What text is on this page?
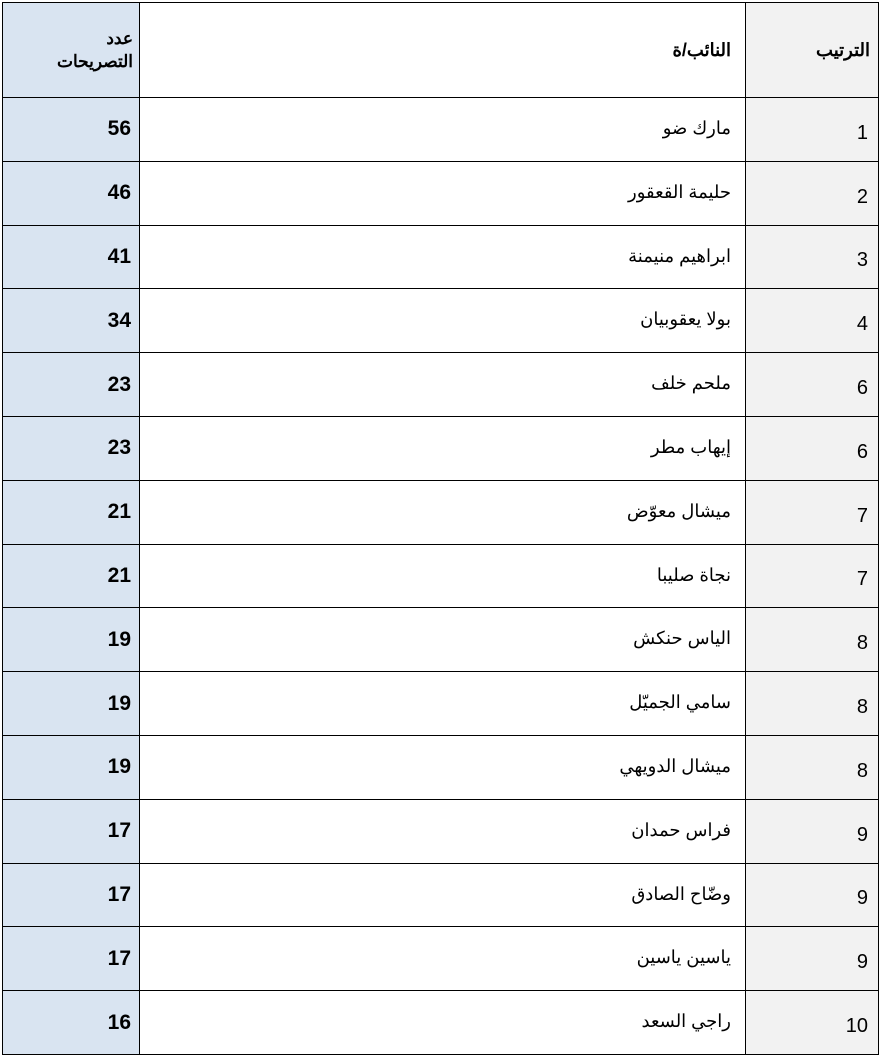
عدد
التصريحات	النائب/ة	الترتيب
56	مارك ضو	1
46	حليمة القعقور	2
41	ابراهيم منيمنة	3
34	بولا يعقوبيان	4
23	ملحم خلف	6
23	إيهاب مطر	6
21	ميشال معوّض	7
21	نجاة صليبا	7
19	الياس حنكش	8
19	سامي الجميّل	8
19	ميشال الدويهي	8
17	فراس حمدان	9
17	وضّاح الصادق	9
17	ياسين ياسين	9
16	راجي السعد	10
